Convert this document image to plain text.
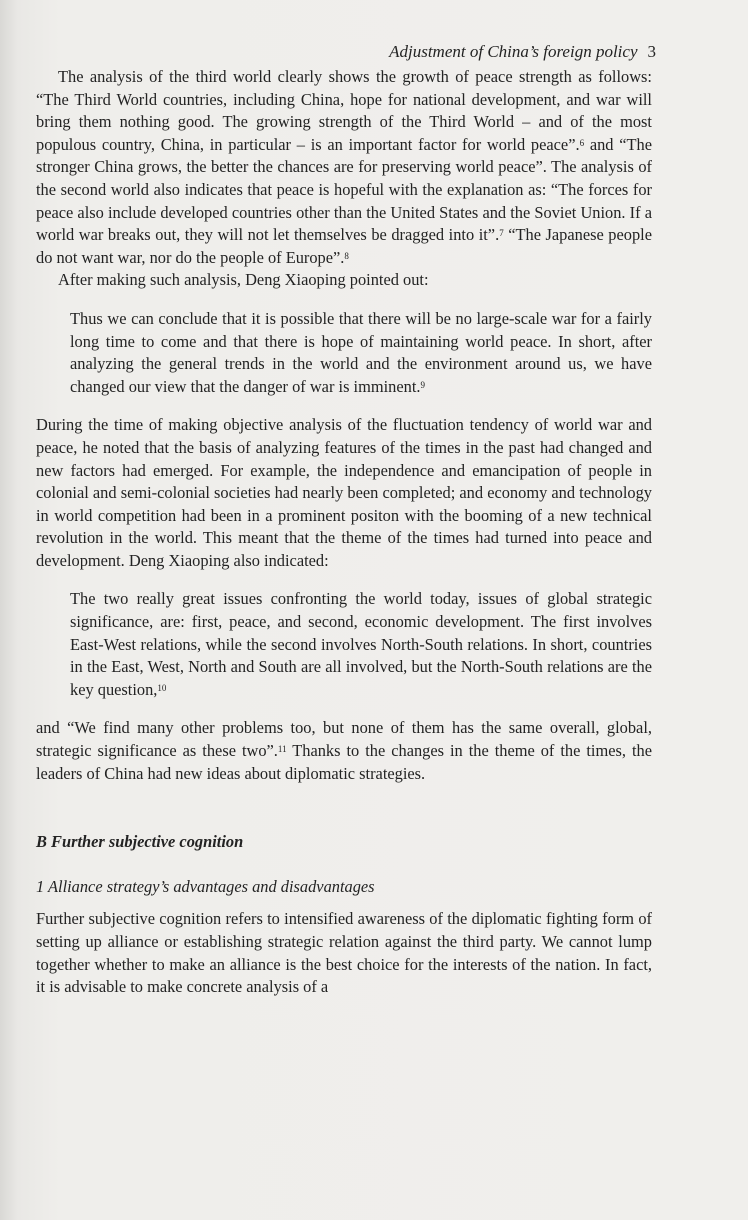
Adjustment of China’s foreign policy 3

The analysis of the third world clearly shows the growth of peace strength as follows: “The Third World countries, including China, hope for national development, and war will bring them nothing good. The growing strength of the Third World – and of the most populous country, China, in particular – is an important factor for world peace”.$^6$ and “The stronger China grows, the better the chances are for preserving world peace”. The analysis of the second world also indicates that peace is hopeful with the explanation as: “The forces for peace also include developed countries other than the United States and the Soviet Union. If a world war breaks out, they will not let themselves be dragged into it”.$^7$ “The Japanese people do not want war, nor do the people of Europe”.$^8$

After making such analysis, Deng Xiaoping pointed out:

Thus we can conclude that it is possible that there will be no large-scale war for a fairly long time to come and that there is hope of maintaining world peace. In short, after analyzing the general trends in the world and the environment around us, we have changed our view that the danger of war is imminent.$^9$

During the time of making objective analysis of the fluctuation tendency of world war and peace, he noted that the basis of analyzing features of the times in the past had changed and new factors had emerged. For example, the independence and emancipation of people in colonial and semi-colonial societies had nearly been completed; and economy and technology in world competition had been in a prominent positon with the booming of a new technical revolution in the world. This meant that the theme of the times had turned into peace and development. Deng Xiaoping also indicated:

The two really great issues confronting the world today, issues of global strategic significance, are: first, peace, and second, economic development. The first involves East-West relations, while the second involves North-South relations. In short, countries in the East, West, North and South are all involved, but the North-South relations are the key question,$^{10}$

and “We find many other problems too, but none of them has the same overall, global, strategic significance as these two”.$^{11}$ Thanks to the changes in the theme of the times, the leaders of China had new ideas about diplomatic strategies.

B Further subjective cognition

1 Alliance strategy’s advantages and disadvantages

Further subjective cognition refers to intensified awareness of the diplomatic fighting form of setting up alliance or establishing strategic relation against the third party. We cannot lump together whether to make an alliance is the best choice for the interests of the nation. In fact, it is advisable to make concrete analysis of a
